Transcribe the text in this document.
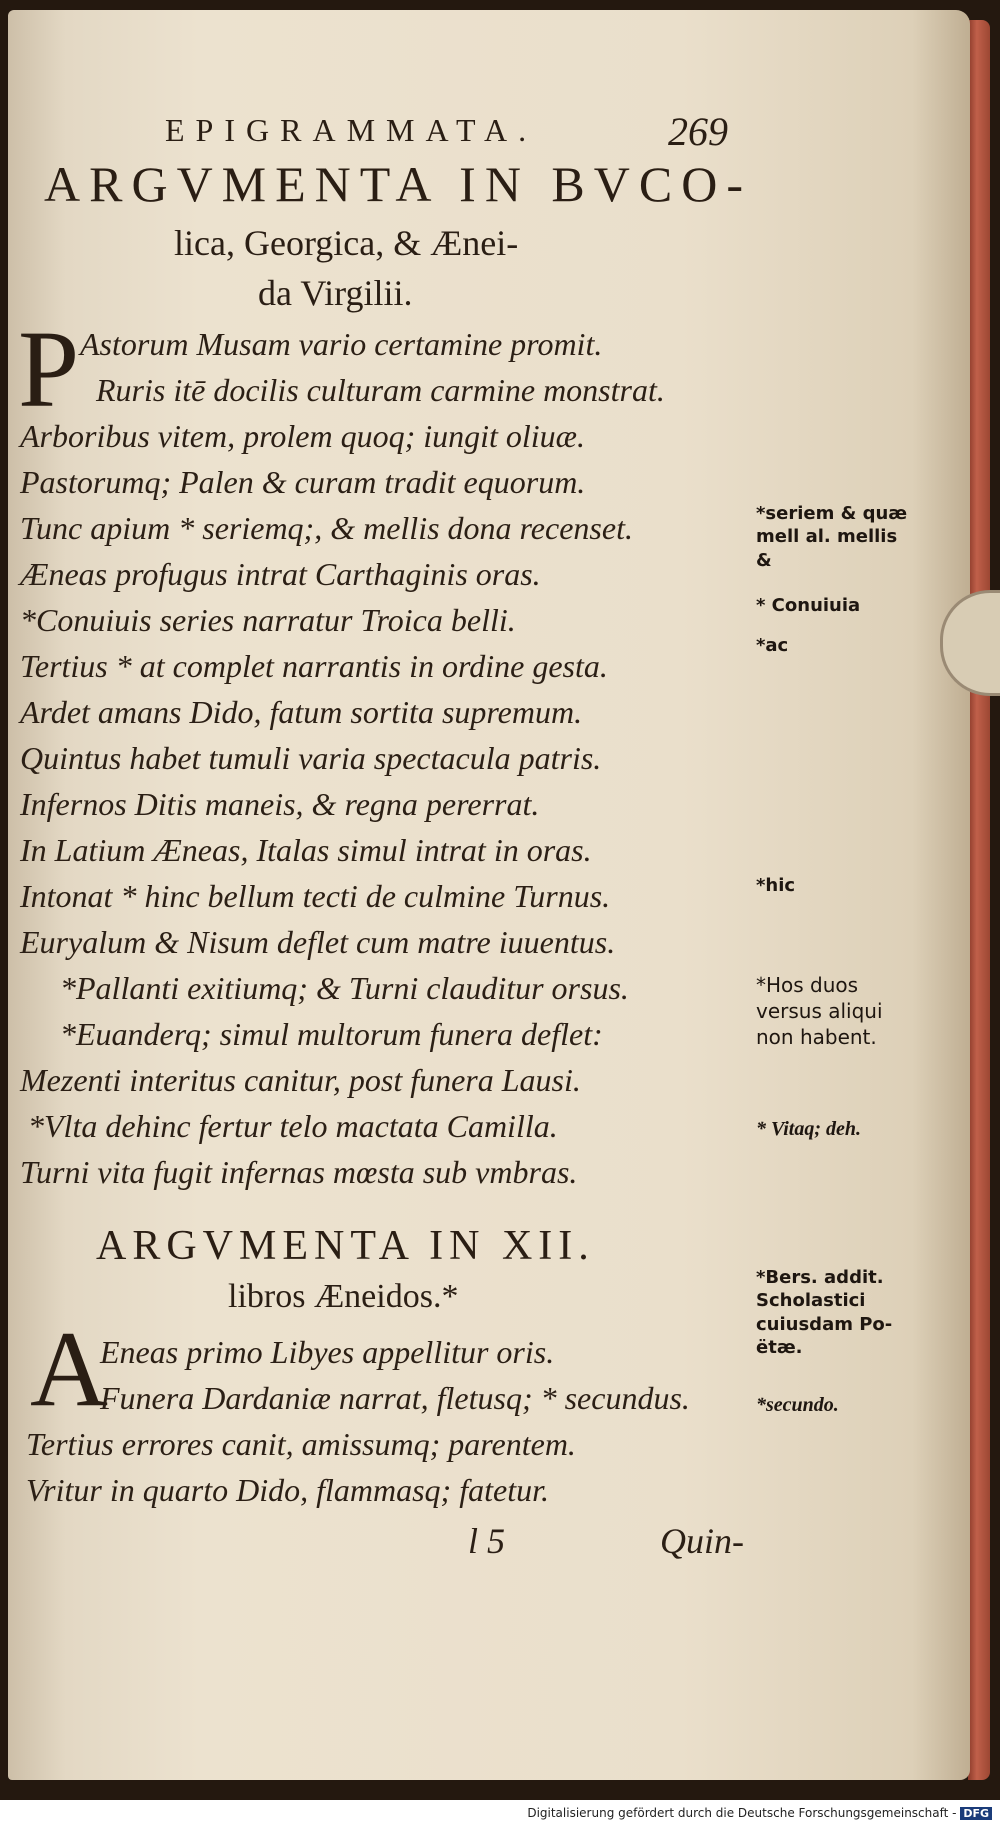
EPIGRAMMATA.	269
ARGVMENTA IN BVCO-
lica, Georgica, & Ænei-
da Virgilii.
P Astorum Musam vario certamine promit.
Ruris itē docilis culturam carmine monstrat.
Arboribus vitem, prolem quoq; iungit oliuæ.
Pastorumq; Palen & curam tradit equorum.
Tunc apium * seriemq;, & mellis dona recenset.
Æneas profugus intrat Carthaginis oras.
*Conuiuis series narratur Troica belli.
Tertius * at complet narrantis in ordine gesta.
Ardet amans Dido, fatum sortita supremum.
Quintus habet tumuli varia spectacula patris.
Infernos Ditis maneis, & regna pererrat.
In Latium Æneas, Italas simul intrat in oras.
Intonat * hinc bellum tecti de culmine Turnus.
Euryalum & Nisum deflet cum matre iuuentus.
*Pallanti exitiumq; & Turni clauditur orsus.
*Euanderq; simul multorum funera deflet:
Mezenti interitus canitur, post funera Lausi.
*Vlta dehinc fertur telo mactata Camilla.
Turni vita fugit infernas mœsta sub vmbras.
ARGVMENTA IN XII.
libros Æneidos.*
A
Eneas primo Libyes appellitur oris.
Funera Dardaniæ narrat, fletusq; * secundus.
Tertius errores canit, amissumq; parentem.
Vritur in quarto Dido, flammasq; fatetur.
l 5	Quin-
*seriem & quæ
mell al. mellis
&
* Conuiuia
*ac
*hic
*Hos duos
versus aliqui
non habent.
* Vitaq; deh.
*Bers. addit.
Scholastici
cuiusdam Po-
ëtæ.
*secundo.
Digitalisierung gefördert durch die Deutsche Forschungsgemeinschaft - DFG
